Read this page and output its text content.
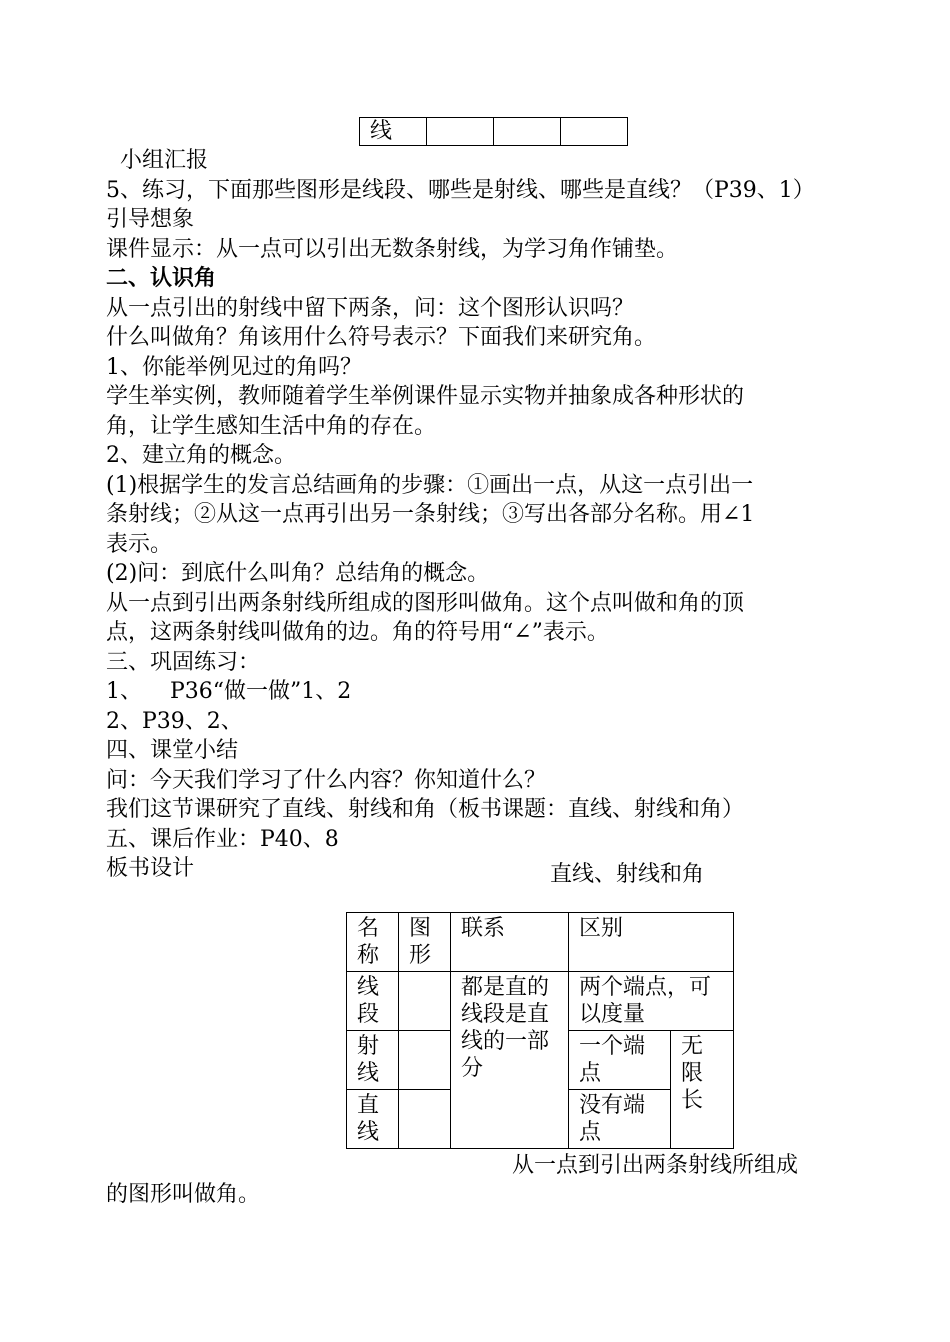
线			
小组汇报
5、练习，下面那些图形是线段、哪些是射线、哪些是直线？（P39、1）
引导想象
课件显示：从一点可以引出无数条射线，为学习角作铺垫。
二、认识角
从一点引出的射线中留下两条，问：这个图形认识吗？
什么叫做角？角该用什么符号表示？下面我们来研究角。
1、你能举例见过的角吗？
学生举实例，教师随着学生举例课件显示实物并抽象成各种形状的
角，让学生感知生活中角的存在。
2、建立角的概念。
(1)根据学生的发言总结画角的步骤：①画出一点，从这一点引出一
条射线；②从这一点再引出另一条射线；③写出各部分名称。用∠1
表示。
(2)问：到底什么叫角？总结角的概念。
从一点到引出两条射线所组成的图形叫做角。这个点叫做和角的顶
点，这两条射线叫做角的边。角的符号用“∠”表示。
三、巩固练习：
1、    P36“做一做”1、2
2、P39、2、
四、课堂小结
问：今天我们学习了什么内容？你知道什么？
我们这节课研究了直线、射线和角（板书课题：直线、射线和角）
五、课后作业：P40、8
板书设计	直线、射线和角
名称	图形	联系	区别	
线段		都是直的线段是直线的一部分	两个端点，可以度量	
射线			一个端点	无限长
直线			没有端点	
从一点到引出两条射线所组成
的图形叫做角。
